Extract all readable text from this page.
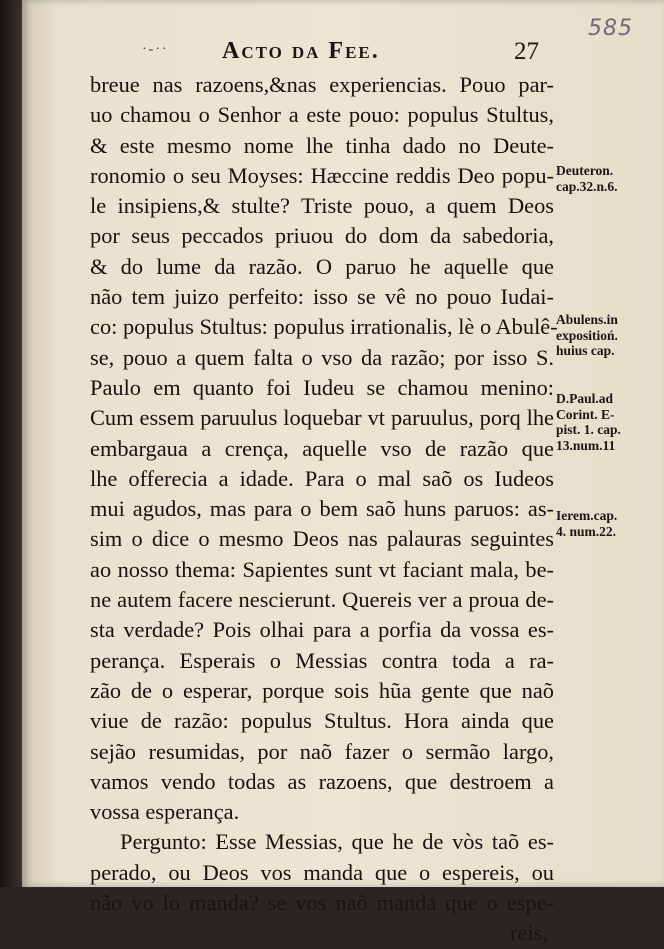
·-·· Acto da Fee.	27
585
breue nas razoens,&nas experiencias. Pouo par-
uo chamou o Senhor a este pouo: populus Stultus,
& este mesmo nome lhe tinha dado no Deute-
ronomio o seu Moyses: Hæccine reddis Deo popu-
le insipiens,& stulte? Triste pouo, a quem Deos
por seus peccados priuou do dom da sabedoria,
& do lume da razão. O paruo he aquelle que
não tem juizo perfeito: isso se vê no pouo Iudai-
co: populus Stultus: populus irrationalis, lè o Abulê-
se, pouo a quem falta o vso da razão; por isso S.
Paulo em quanto foi Iudeu se chamou menino:
Cum essem paruulus loquebar vt paruulus, porq lhe
embargaua a crença, aquelle vso de razão que
lhe offerecia a idade. Para o mal saõ os Iudeos
mui agudos, mas para o bem saõ huns paruos: as-
sim o dice o mesmo Deos nas palauras seguintes
ao nosso thema: Sapientes sunt vt faciant mala, be-
ne autem facere nescierunt. Quereis ver a proua de-
sta verdade? Pois olhai para a porfia da vossa es-
perança. Esperais o Messias contra toda a ra-
zão de o esperar, porque sois hũa gente que naõ
viue de razão: populus Stultus. Hora ainda que
sejão resumidas, por naõ fazer o sermão largo,
vamos vendo todas as razoens, que destroem a
vossa esperança.
Pergunto: Esse Messias, que he de vòs taõ es-
perado, ou Deos vos manda que o espereis, ou
não vo lo manda? se vos naõ manda que o espe-
reis,
Deuteron.
cap.32.n.6.
Abulens.in
expositioń.
huius cap.
D.Paul.ad
Corint. E-
pist. 1. cap.
13.num.11
Ierem.cap.
4. num.22.
